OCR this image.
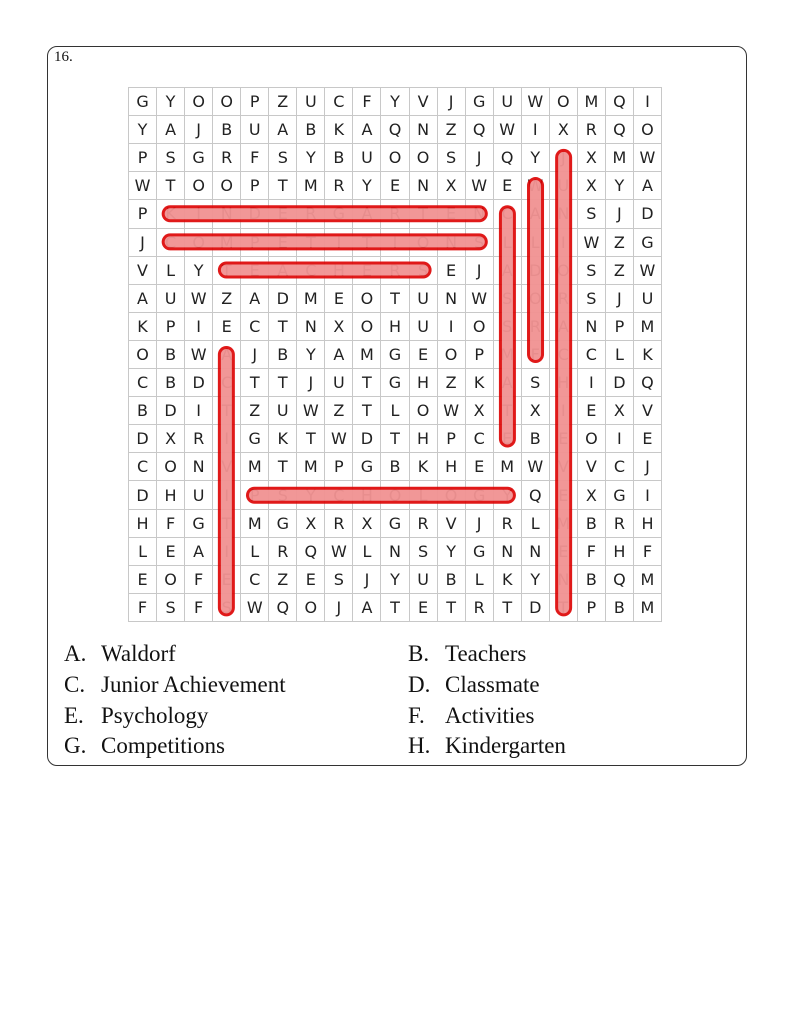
16.
G	Y	O O	P	Z	U	C	F	Y	V	J	G	U W O M Q	I
Y	A	J	B	U	A	B	K	A	Q N	Z	Q W	I	X	R	Q O
P	S	G	R	F	S	Y	B	U O O	S	J	Q	Y	J	X M W
W T	O O	P	T	M R	Y	E	N	X W E W U	X	Y	A
P	K	I	N D	E	R	G	A	R	T	E	N	C	A	N	S	J	D
J	C	O M	P	E	T	I	T	I	O N	S	L	L	I	W Z	G
V	L	Y	T	E	A	C	H	E	R	S	E	J	A	D O	S	Z W
A	U W Z	A	D M	E	O	T	U	N W S	O	R	S	J	U
K	P	I	E	C	T	N	X	O H	U	I	O	S	R	A	N	P	M
O	B W A	J	B	Y	A M G	E	O	P	M	F	C	C	L	K
C	B	D	C	T	T	J	U	T	G H	Z	K	A	S	H	I	D Q
B	D	I	T	Z	U W Z	T	L	O W X	T	X	I	E	X	V
D	X	R	I	G	K	T W D	T	H	P	C	E	B	E	O	I	E
C	O N	V M	T	M	P	G	B	K	H	E	M W V	V	C	J
D H	U	I	P	S	Y	C	H O	L	O G	Y	Q	E	X	G	I
H	F	G	T	M G	X	R	X	G	R	V	J	R	L	M B	R	H
L	E	A	I	L	R	Q W L	N	S	Y	G N	N	E	F	H	F
E	O	F	E	C	Z	E	S	J	Y	U	B	L	K	Y	N	B	Q M
F	S	F	S W Q O	J	A	T	E	T	R	T	D	T	P	B M
A. Waldorf	B. Teachers
C. Junior Achievement	D. Classmate
E. Psychology	F. Activities
G. Competitions	H. Kindergarten
